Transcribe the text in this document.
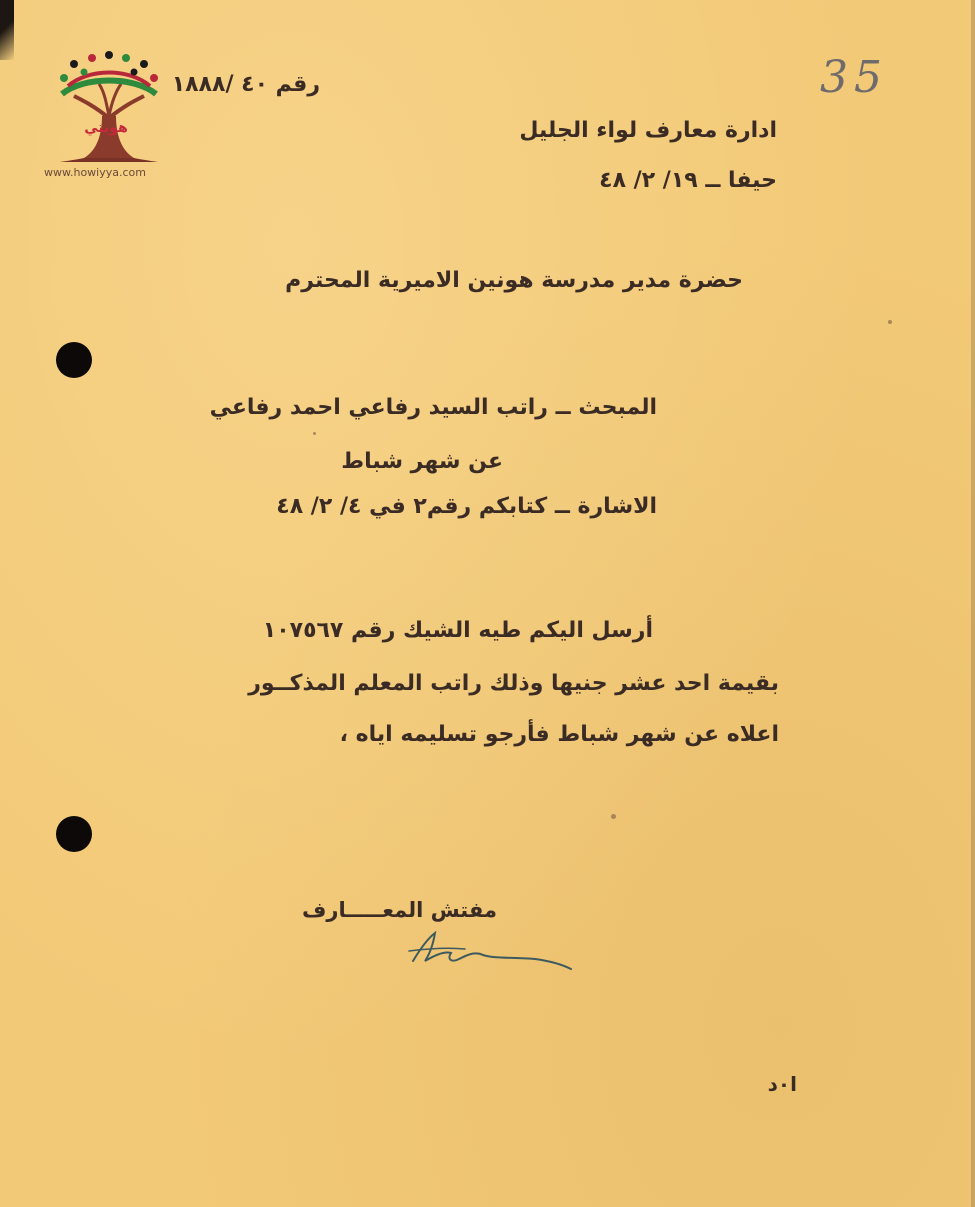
هويتي
www.howiyya.com
35
رقم ٤٠ /١٨٨٨
ادارة معارف لواء الجليل
حيفا ــ ١٩/ ٢/ ٤٨
حضرة مدير مدرسة هونين الاميرية المحترم
المبحث ــ راتب السيد رفاعي احمد رفاعي
عن شهر شباط
الاشارة ــ كتابكم رقم٢ في ٤/ ٢/ ٤٨
أرسل اليكم طيه الشيك رقم ١٠٧٥٦٧
بقيمة احد عشر جنيها وذلك راتب المعلم المذكــور
اعلاه عن شهر شباط فأرجو تسليمه اياه ،
مفتش المعـــــارف
ا٠د
